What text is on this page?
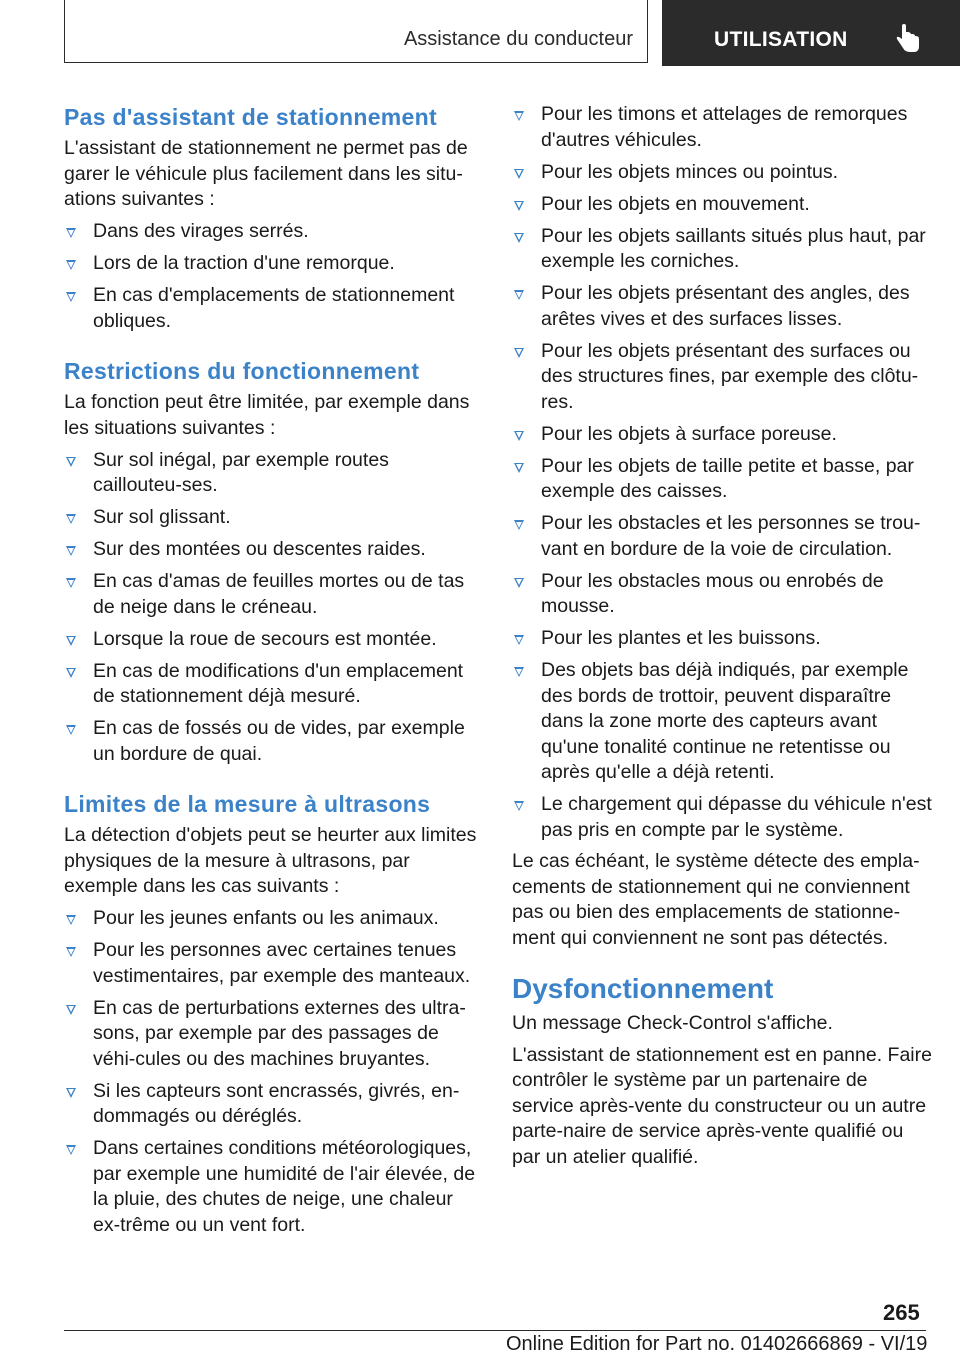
Assistance du conducteur	UTILISATION
Pas d'assistant de stationnement

L'assistant de stationnement ne permet pas de garer le véhicule plus facilement dans les situ-ations suivantes :

Dans des virages serrés.
Lors de la traction d'une remorque.
En cas d'emplacements de stationnement obliques.
Restrictions du fonctionnement

La fonction peut être limitée, par exemple dans les situations suivantes :

Sur sol inégal, par exemple routes caillouteu-ses.
Sur sol glissant.
Sur des montées ou descentes raides.
En cas d'amas de feuilles mortes ou de tas de neige dans le créneau.
Lorsque la roue de secours est montée.
En cas de modifications d'un emplacement de stationnement déjà mesuré.
En cas de fossés ou de vides, par exemple un bordure de quai.
Limites de la mesure à ultrasons

La détection d'objets peut se heurter aux limites physiques de la mesure à ultrasons, par exemple dans les cas suivants :

Pour les jeunes enfants ou les animaux.
Pour les personnes avec certaines tenues vestimentaires, par exemple des manteaux.
En cas de perturbations externes des ultra-sons, par exemple par des passages de véhi-cules ou des machines bruyantes.
Si les capteurs sont encrassés, givrés, en-dommagés ou déréglés.
Dans certaines conditions météorologiques, par exemple une humidité de l'air élevée, de la pluie, des chutes de neige, une chaleur ex-trême ou un vent fort.
Pour les timons et attelages de remorques d'autres véhicules.
Pour les objets minces ou pointus.
Pour les objets en mouvement.
Pour les objets saillants situés plus haut, par exemple les corniches.
Pour les objets présentant des angles, des arêtes vives et des surfaces lisses.
Pour les objets présentant des surfaces ou des structures fines, par exemple des clôtu-res.
Pour les objets à surface poreuse.
Pour les objets de taille petite et basse, par exemple des caisses.
Pour les obstacles et les personnes se trou-vant en bordure de la voie de circulation.
Pour les obstacles mous ou enrobés de mousse.
Pour les plantes et les buissons.
Des objets bas déjà indiqués, par exemple des bords de trottoir, peuvent disparaître dans la zone morte des capteurs avant qu'une tonalité continue ne retentisse ou après qu'elle a déjà retenti.
Le chargement qui dépasse du véhicule n'est pas pris en compte par le système.

Le cas échéant, le système détecte des empla-cements de stationnement qui ne conviennent pas ou bien des emplacements de stationne-ment qui conviennent ne sont pas détectés.

Dysfonctionnement

Un message Check-Control s'affiche.

L'assistant de stationnement est en panne. Faire contrôler le système par un partenaire de service après-vente du constructeur ou un autre parte-naire de service après-vente qualifié ou par un atelier qualifié.

265
Online Edition for Part no. 01402666869 - VI/19
